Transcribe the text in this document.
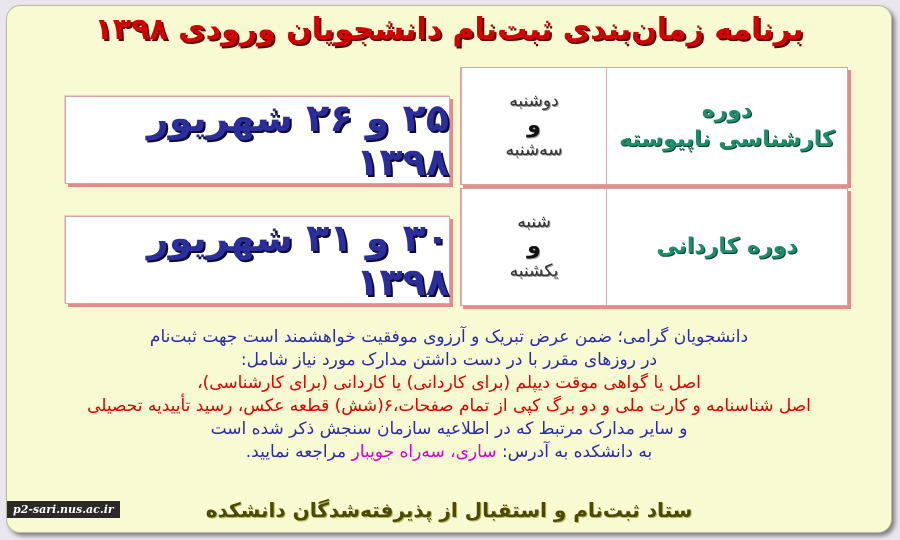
برنامه زمان‌بندی ثبت‌نام دانشجویان ورودی ۱۳۹۸
دوره
کارشناسی ناپیوسته
دوشنبه
و
سه‌شنبه
۲۵ و ۲۶ شهریور ۱۳۹۸
دوره کاردانی
شنبه
و
یکشنبه
۳۰ و ۳۱ شهریور ۱۳۹۸
دانشجویان گرامی؛ ضمن عرض تبریک و آرزوی موفقیت خواهشمند است جهت ثبت‌نام
در روزهای مقرر با در دست داشتن مدارک مورد نیاز شامل:
اصل یا گواهی موقت دیپلم (برای کاردانی) یا کاردانی (برای کارشناسی)،
اصل شناسنامه و کارت ملی و دو برگ کپی از تمام صفحات،۶(شش) قطعه عکس، رسید تأییدیه تحصیلی
و سایر مدارک مرتبط که در اطلاعیه سازمان سنجش ذکر شده است
به دانشکده به آدرس: ساری، سه‌راه جویبار مراجعه نمایید.
ستاد ثبت‌نام و استقبال از پذیرفته‌شدگان دانشکده
p2-sari.nus.ac.ir
